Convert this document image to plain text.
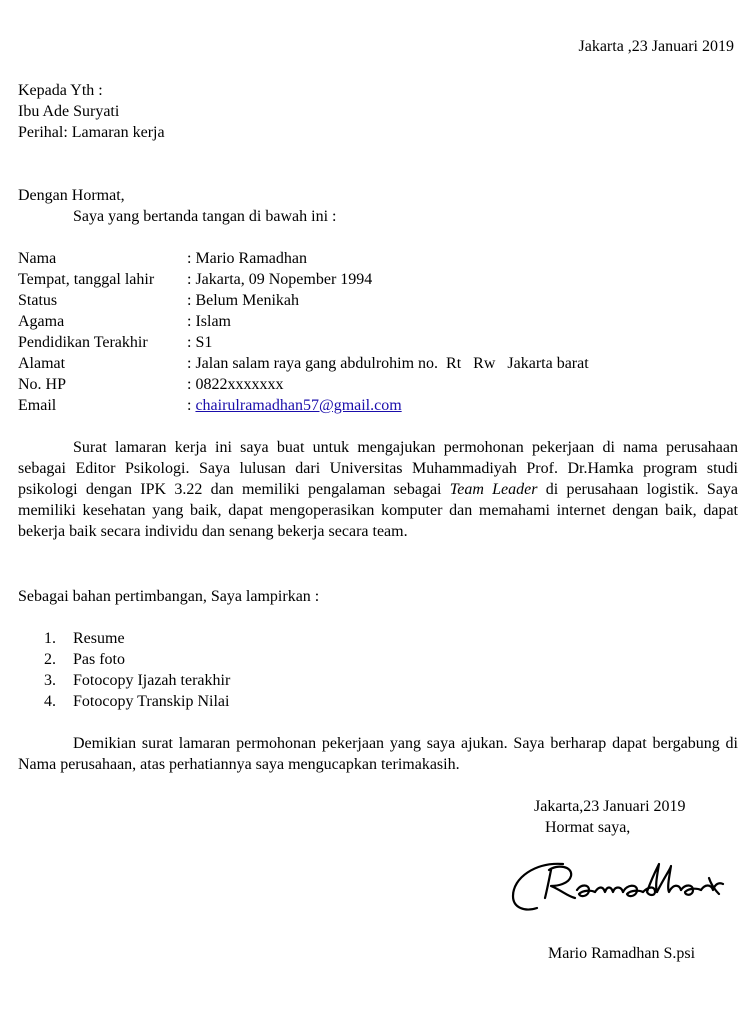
Jakarta ,23 Januari 2019
Kepada Yth :
Ibu Ade Suryati
Perihal: Lamaran kerja
Dengan Hormat,
Saya yang bertanda tangan di bawah ini :
Nama	: Mario Ramadhan
Tempat, tanggal lahir : Jakarta, 09 Nopember 1994
Status	: Belum Menikah
Agama	: Islam
Pendidikan Terakhir : S1
Alamat	: Jalan salam raya gang abdulrohim no.  Rt   Rw   Jakarta barat
No. HP	: 0822xxxxxxx
Email	: chairulramadhan57@gmail.com
Surat lamaran kerja ini saya buat untuk mengajukan permohonan pekerjaan di nama perusahaan sebagai Editor Psikologi. Saya lulusan dari Universitas Muhammadiyah Prof. Dr.Hamka program studi psikologi dengan IPK 3.22 dan memiliki pengalaman sebagai Team Leader di perusahaan logistik. Saya memiliki kesehatan yang baik, dapat mengoperasikan komputer dan memahami internet dengan baik, dapat bekerja baik secara individu dan senang bekerja secara team.
Sebagai bahan pertimbangan, Saya lampirkan :
1. Resume
2. Pas foto
3. Fotocopy Ijazah terakhir
4. Fotocopy Transkip Nilai
Demikian surat lamaran permohonan pekerjaan yang saya ajukan. Saya berharap dapat bergabung di Nama perusahaan, atas perhatiannya saya mengucapkan terimakasih.
Jakarta,23 Januari 2019
Hormat saya,
Mario Ramadhan S.psi
